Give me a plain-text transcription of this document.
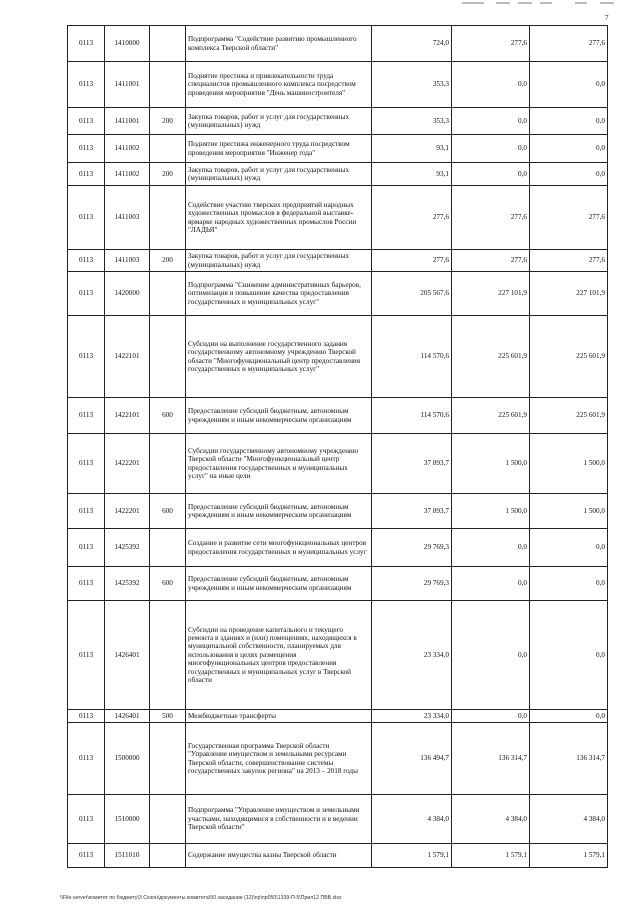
7
0113	1410000		Подпрограмма "Содействие развитию промышленного комплекса Тверской области"	724,0	277,6	277,6
0113	1411001		Поднятие престижа и привлекательности труда специалистов промышленного комплекса посредством проведения мероприятия "День машиностроителя"	353,3	0,0	0,0
0113	1411001	200	Закупка товаров, работ и услуг для государственных (муниципальных) нужд	353,3	0,0	0,0
0113	1411002		Поднятие престижа инженерного труда посредством проведения мероприятия "Инженер года"	93,1	0,0	0,0
0113	1411002	200	Закупка товаров, работ и услуг для государственных (муниципальных) нужд	93,1	0,0	0,0
0113	1411003		Содействие участию тверских предприятий народных художественных промыслов в федеральной выставке-ярмарке народных художественных промыслов России "ЛАДЬЯ"	277,6	277,6	277,6
0113	1411003	200	Закупка товаров, работ и услуг для государственных (муниципальных) нужд	277,6	277,6	277,6
0113	1420000		Подпрограмма "Снижение административных барьеров, оптимизация и повышение качества предоставления государственных и муниципальных услуг"	205 567,6	227 101,9	227 101,9
0113	1422101		Субсидии на выполнение государственного задания государственному автономному учреждению Тверской области "Многофункциональный центр предоставления государственных и муниципальных услуг"	114 570,6	225 601,9	225 601,9
0113	1422101	600	Предоставление субсидий бюджетным, автономным учреждениям и иным некоммерческим организациям	114 570,6	225 601,9	225 601,9
0113	1422201		Субсидии государственному автономному учреждению Тверской области "Многофункциональный центр предоставления государственных и муниципальных услуг" на иные цели	37 893,7	1 500,0	1 500,0
0113	1422201	600	Предоставление субсидий бюджетным, автономным учреждениям и иным некоммерческим организациям	37 893,7	1 500,0	1 500,0
0113	1425392		Создание и развитие сети многофункциональных центров предоставления государственных и муниципальных услуг	29 769,3	0,0	0,0
0113	1425392	600	Предоставление субсидий бюджетным, автономным учреждениям и иным некоммерческим организациям	29 769,3	0,0	0,0
0113	1426401		Субсидии на проведение капитального и текущего ремонта в зданиях и (или) помещениях, находящихся в муниципальной собственности, планируемых для использования в целях размещения многофункциональных центров предоставления государственных и муниципальных услуг в Тверской области	23 334,0	0,0	0,0
0113	1426401	500	Межбюджетные трансферты	23 334,0	0,0	0,0
0113	1500000		Государственная программа Тверской области "Управление имуществом и земельными ресурсами Тверской области, совершенствование системы государственных закупок региона" на 2013 – 2018 годы	136 494,7	136 314,7	136 314,7
0113	1510000		Подпрограмма "Управление имуществом и земельными участками, находящимися в собственности и в ведении Тверской области"	4 384,0	4 384,0	4 384,0
0113	1511010		Содержание имущества казны Тверской области	1 579,1	1 579,1	1 579,1
\\File-server\комитет по бюджету\3 Сезон\документы комитета\50 заседание (12)\пр\пр050\1339-П-5\Прил12 ПВВ.xlsx
